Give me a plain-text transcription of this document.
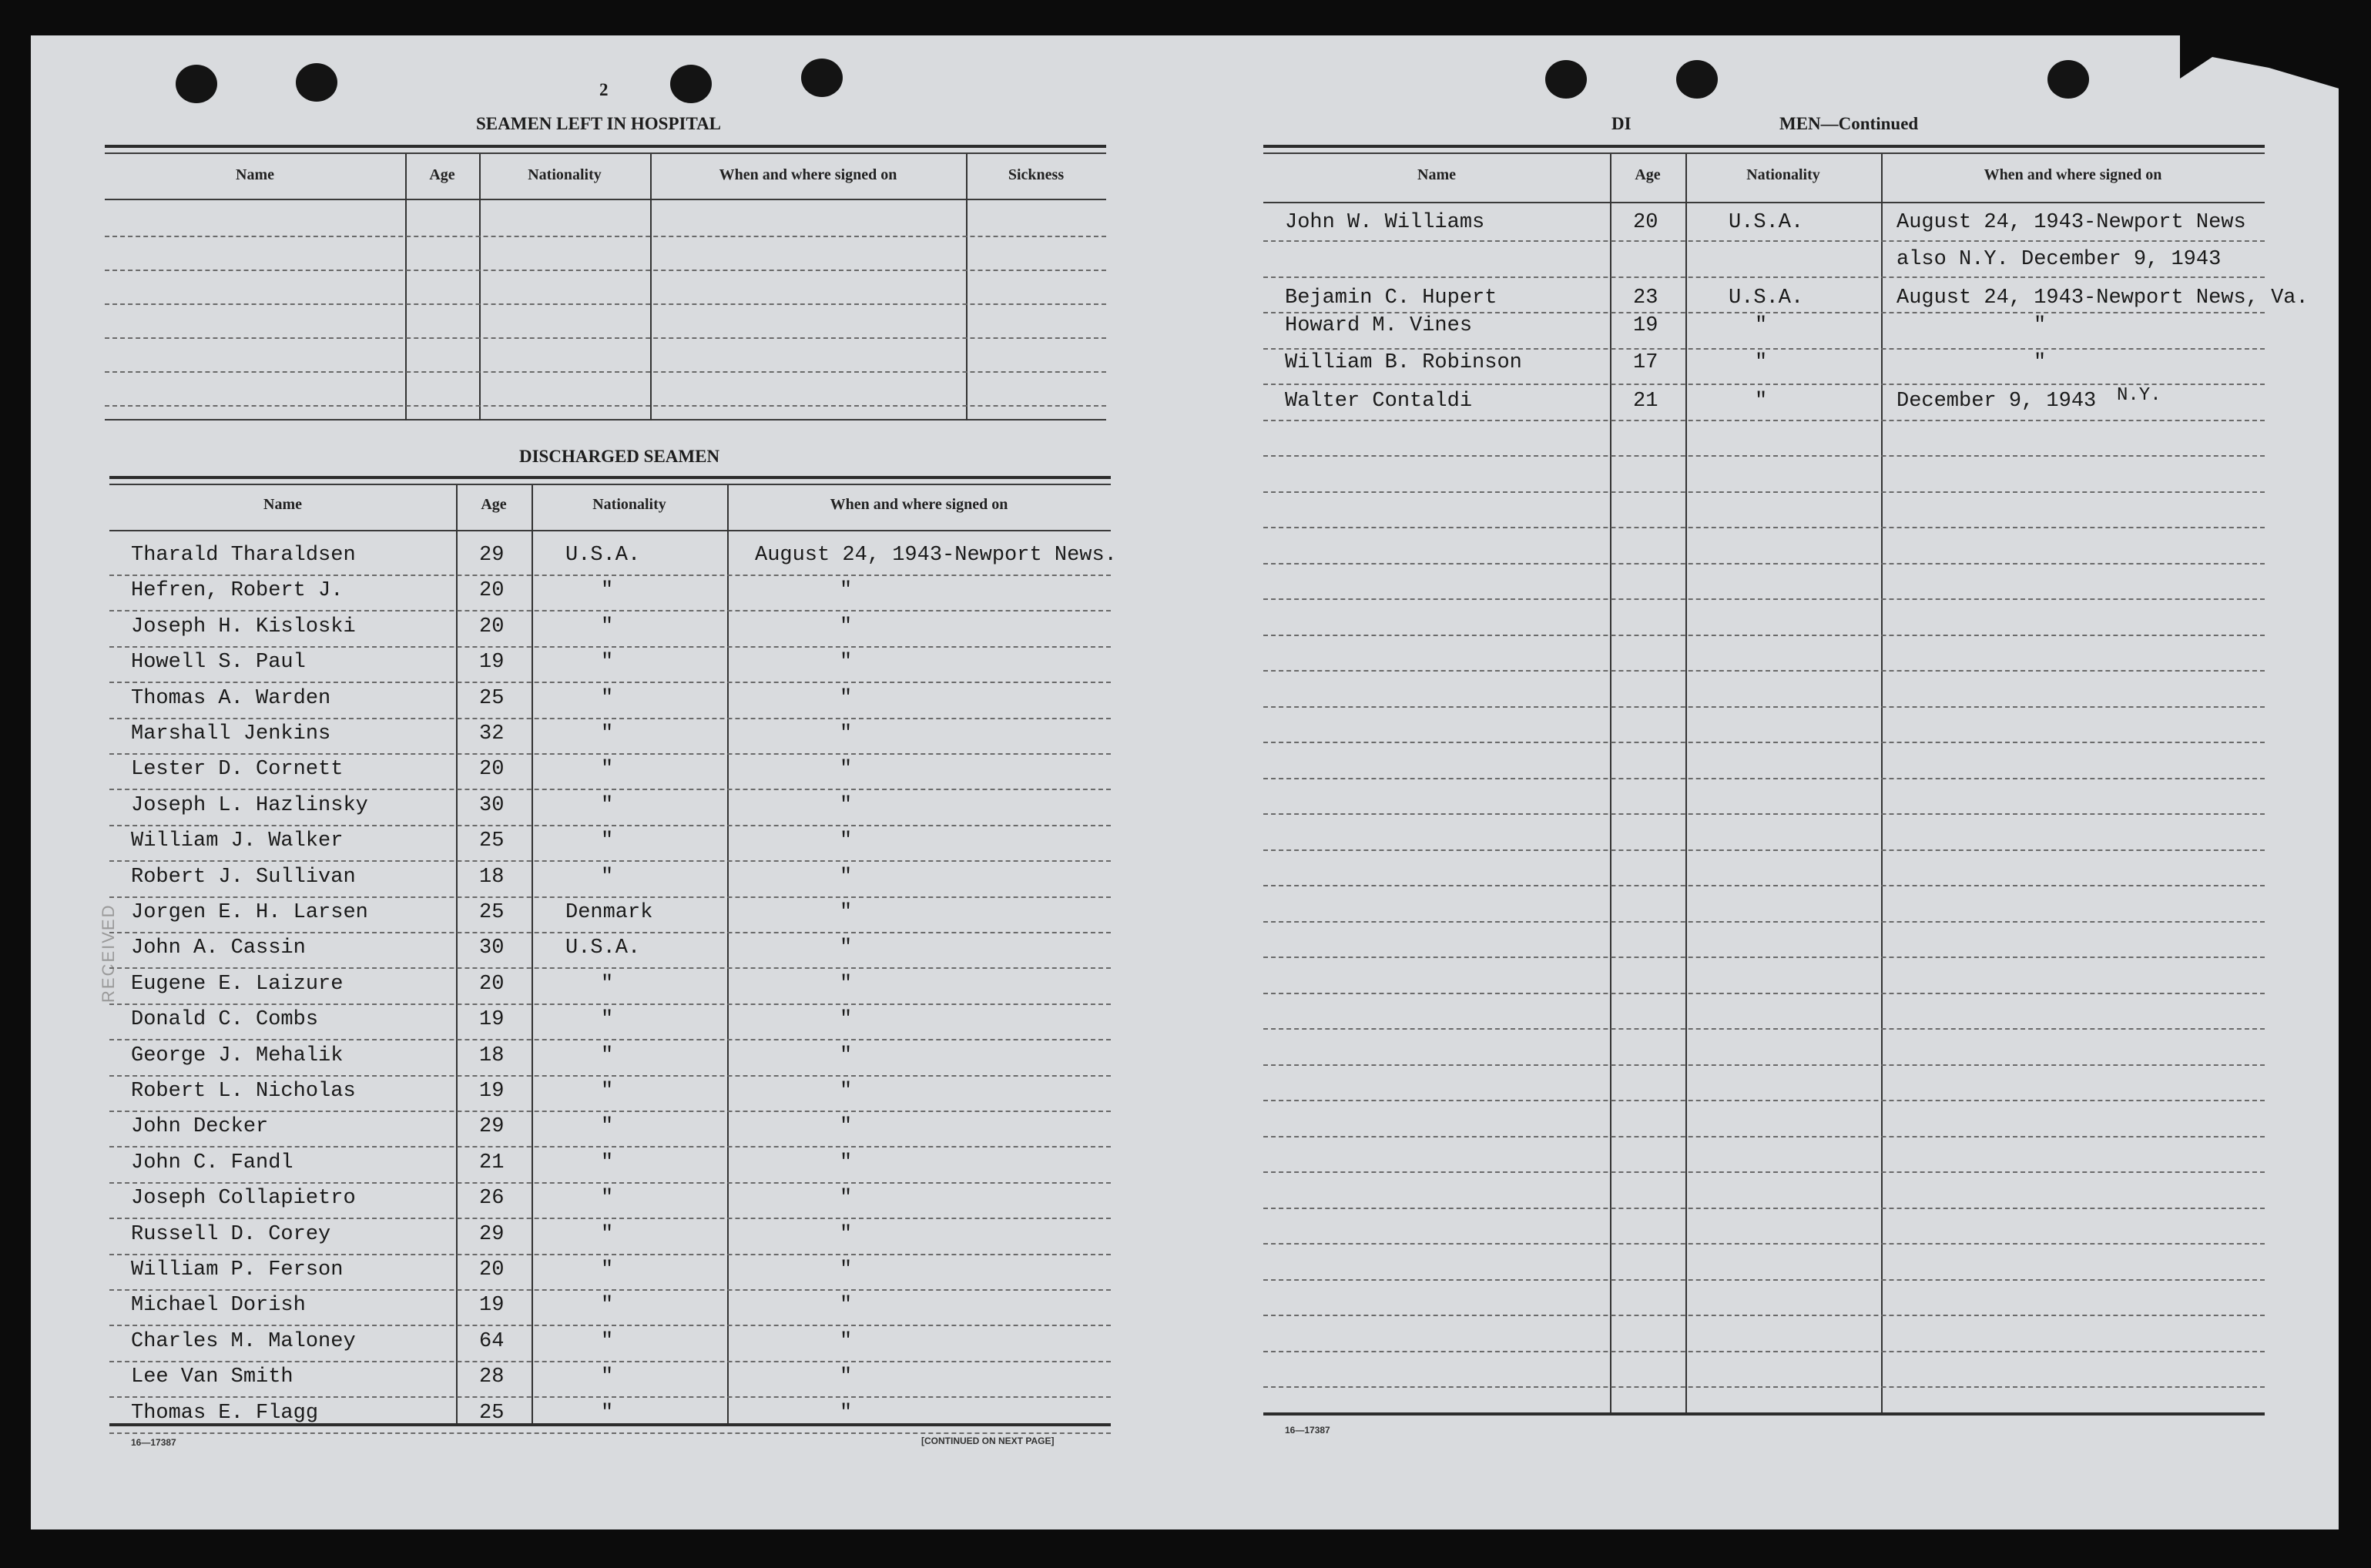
2
SEAMEN LEFT IN HOSPITAL
Name	Age	Nationality	When and where signed on	Sickness
DISCHARGED SEAMEN
Name	Age	Nationality	When and where signed on
16—17387	[CONTINUED ON NEXT PAGE]
RECEIVED
DI	MEN—Continued
Name	Age	Nationality	When and where signed on
N.Y.
16—17387
Tharald Tharaldsen	29	U.S.A.	August 24, 1943-Newport News.
Hefren, Robert J.	20	"	"
Joseph H. Kisloski	20	"	"
Howell S. Paul	19	"	"
Thomas A. Warden	25	"	"
Marshall Jenkins	32	"	"
Lester D. Cornett	20	"	"
Joseph L. Hazlinsky	30	"	"
William J. Walker	25	"	"
Robert J. Sullivan	18	"	"
Jorgen E. H. Larsen	25	Denmark	"
John A. Cassin	30	U.S.A.	"
Eugene E. Laizure	20	"	"
Donald C. Combs	19	"	"
George J. Mehalik	18	"	"
Robert L. Nicholas	19	"	"
John Decker	29	"	"
John C. Fandl	21	"	"
Joseph Collapietro	26	"	"
Russell D. Corey	29	"	"
William P. Ferson	20	"	"
Michael Dorish	19	"	"
Charles M. Maloney	64	"	"
Lee Van Smith	28	"	"
Thomas E. Flagg	25	"	"
John W. Williams	20	U.S.A.	August 24, 1943-Newport News
also N.Y. December 9, 1943
Bejamin C. Hupert	23	U.S.A.	August 24, 1943-Newport News, Va.
Howard M. Vines	19	"	"
William B. Robinson	17	"	"
Walter Contaldi	21	"	December 9, 1943
